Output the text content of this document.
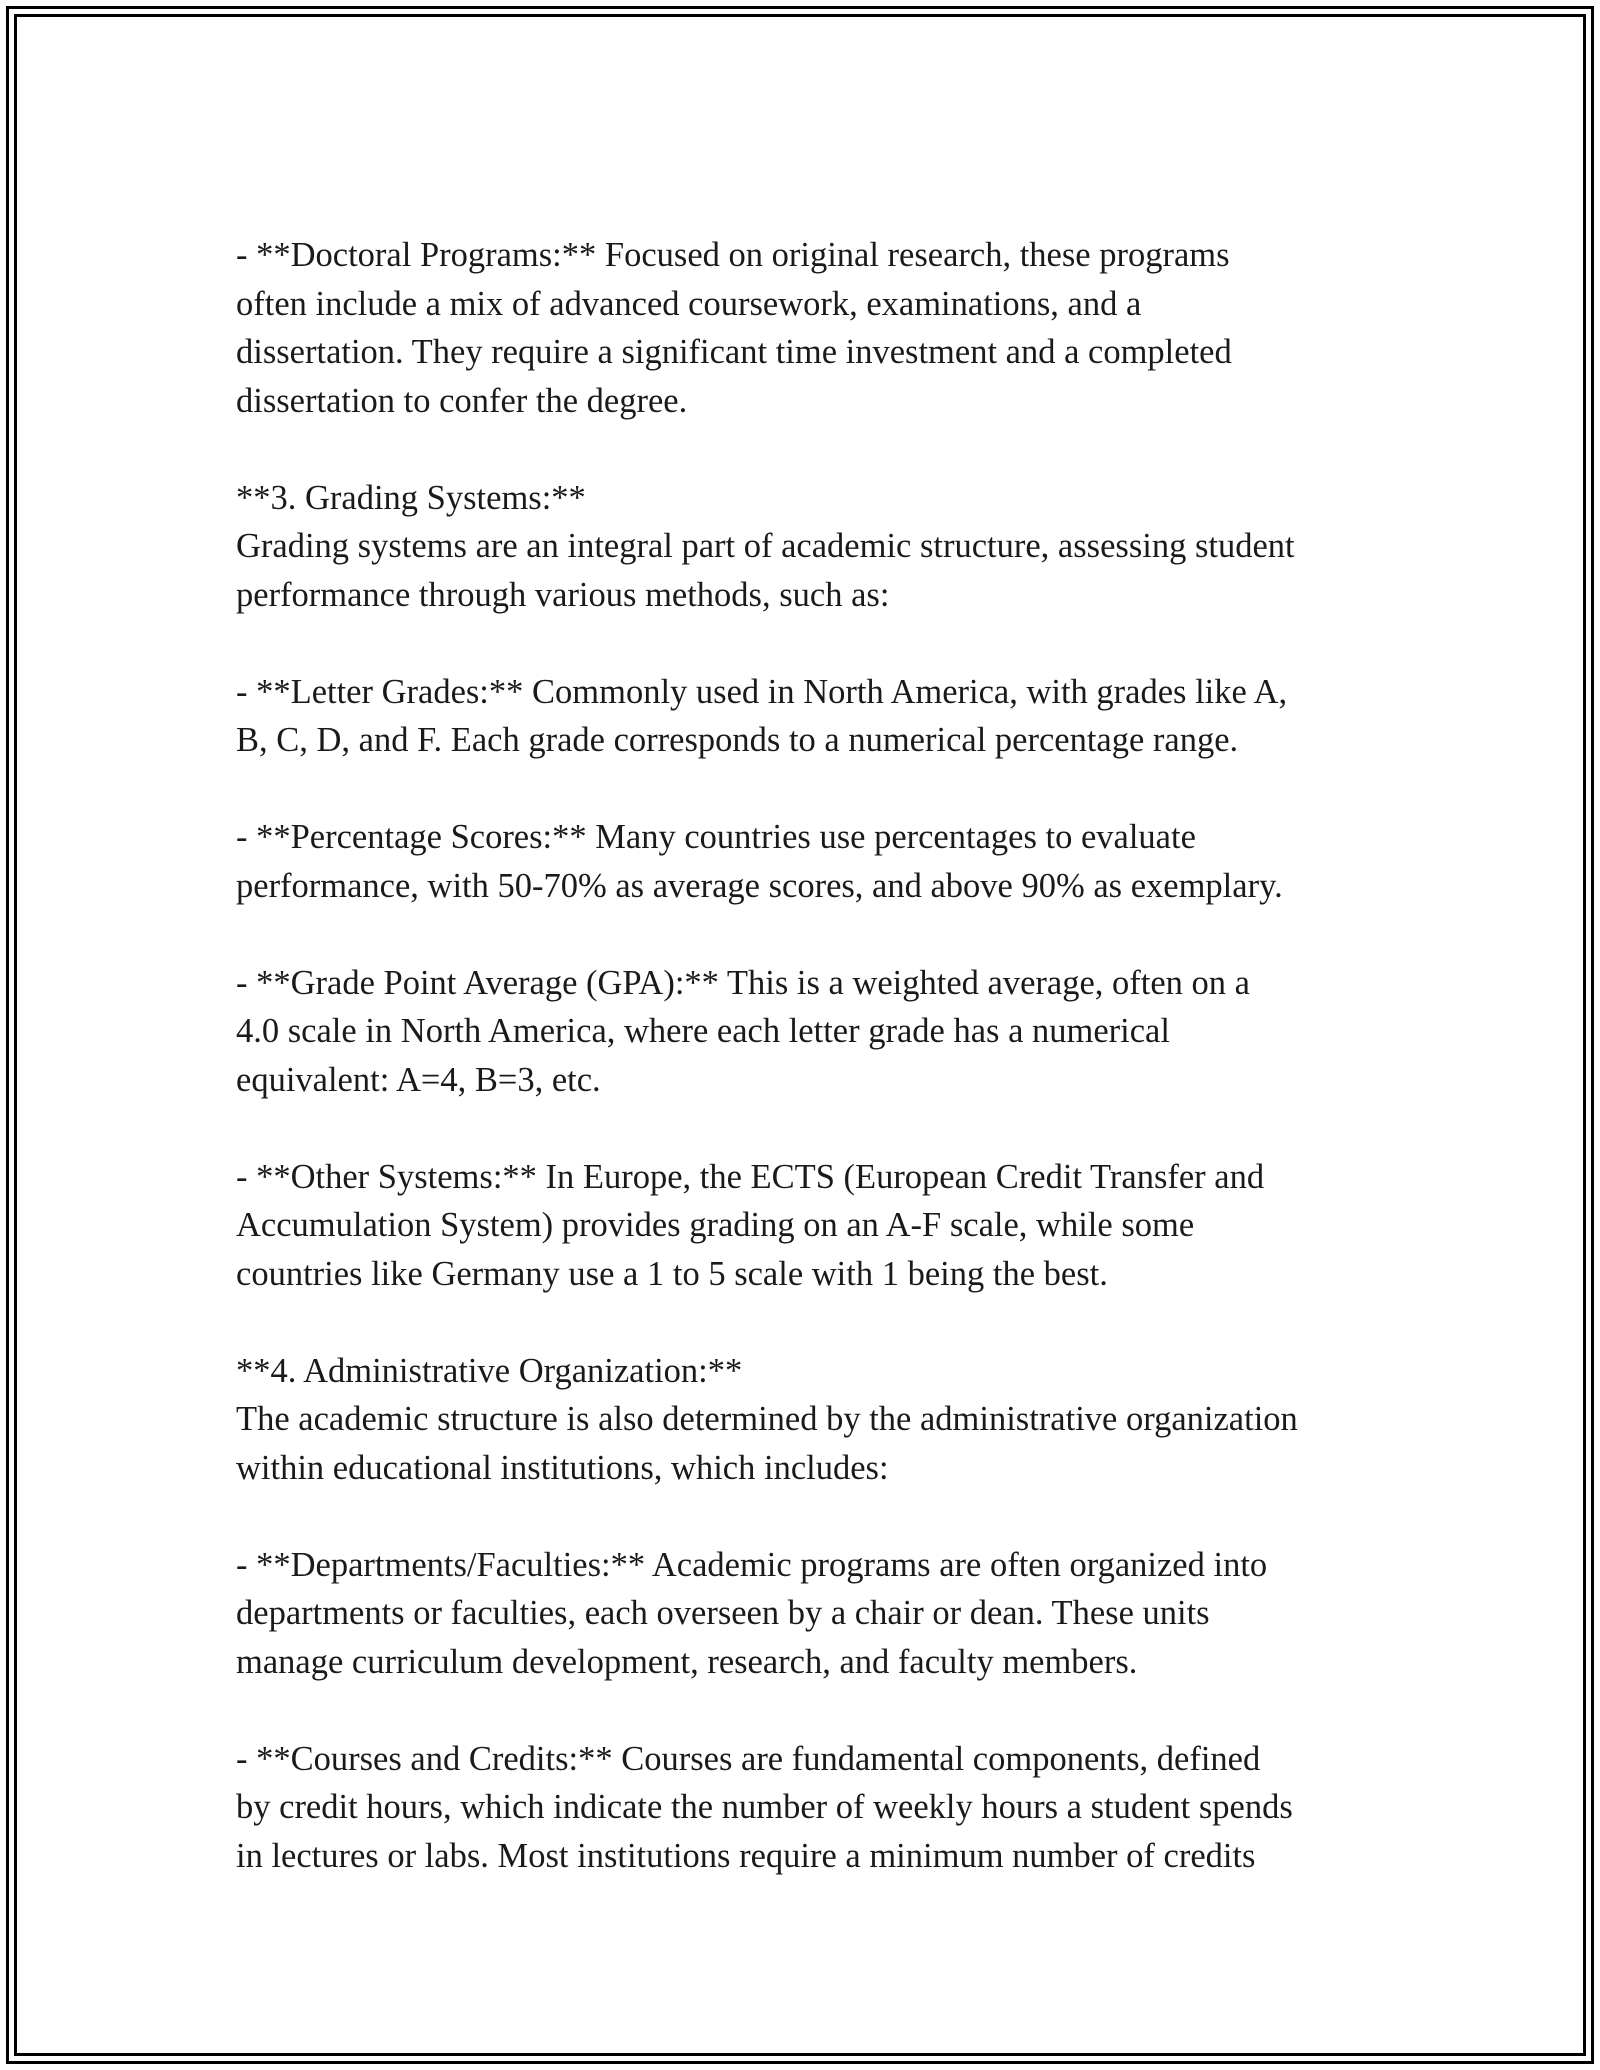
- **Doctoral Programs:** Focused on original research, these programs
often include a mix of advanced coursework, examinations, and a
dissertation. They require a significant time investment and a completed
dissertation to confer the degree.
**3. Grading Systems:**
Grading systems are an integral part of academic structure, assessing student
performance through various methods, such as:
- **Letter Grades:** Commonly used in North America, with grades like A,
B, C, D, and F. Each grade corresponds to a numerical percentage range.
- **Percentage Scores:** Many countries use percentages to evaluate
performance, with 50-70% as average scores, and above 90% as exemplary.
- **Grade Point Average (GPA):** This is a weighted average, often on a
4.0 scale in North America, where each letter grade has a numerical
equivalent: A=4, B=3, etc.
- **Other Systems:** In Europe, the ECTS (European Credit Transfer and
Accumulation System) provides grading on an A-F scale, while some
countries like Germany use a 1 to 5 scale with 1 being the best.
**4. Administrative Organization:**
The academic structure is also determined by the administrative organization
within educational institutions, which includes:
- **Departments/Faculties:** Academic programs are often organized into
departments or faculties, each overseen by a chair or dean. These units
manage curriculum development, research, and faculty members.
- **Courses and Credits:** Courses are fundamental components, defined
by credit hours, which indicate the number of weekly hours a student spends
in lectures or labs. Most institutions require a minimum number of credits
